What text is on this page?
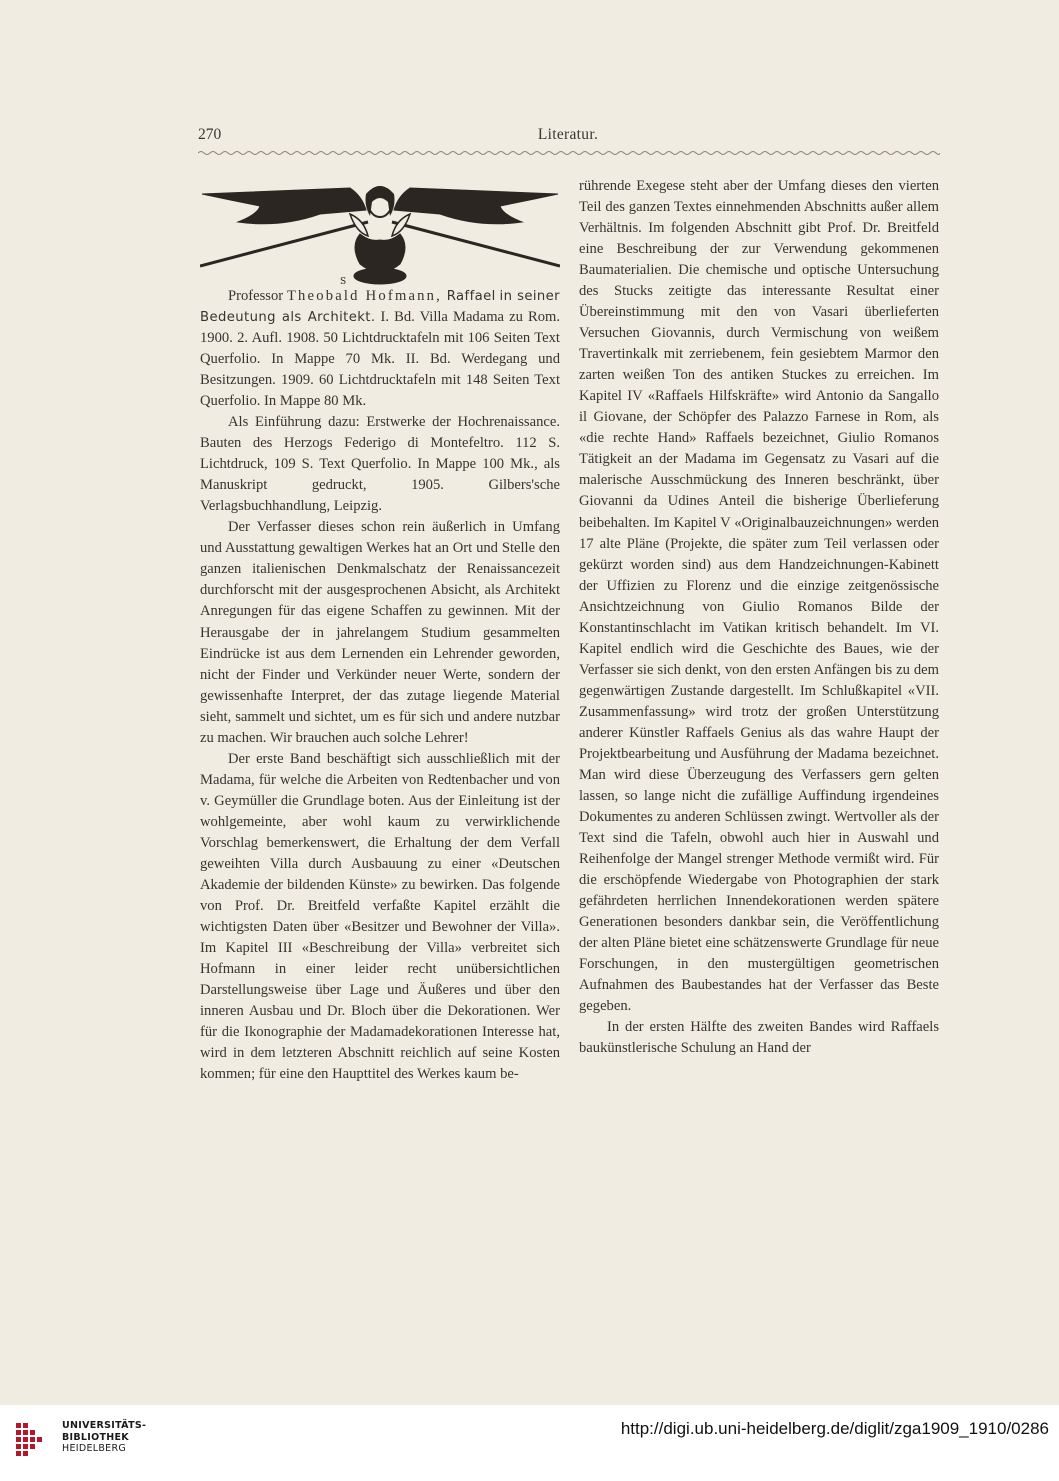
270	Literatur.
S

Professor Theobald Hofmann, Raffael in seiner Bedeutung als Architekt. I. Bd. Villa Madama zu Rom. 1900. 2. Aufl. 1908. 50 Lichtdrucktafeln mit 106 Seiten Text Querfolio. In Mappe 70 Mk. II. Bd. Werdegang und Besitzungen. 1909. 60 Lichtdrucktafeln mit 148 Seiten Text Querfolio. In Mappe 80 Mk.

Als Einführung dazu: Erstwerke der Hochrenaissance. Bauten des Herzogs Federigo di Montefeltro. 112 S. Lichtdruck, 109 S. Text Querfolio. In Mappe 100 Mk., als Manuskript gedruckt, 1905. Gilbers'sche Verlagsbuchhandlung, Leipzig.

Der Verfasser dieses schon rein äußerlich in Umfang und Ausstattung gewaltigen Werkes hat an Ort und Stelle den ganzen italienischen Denkmalschatz der Renaissancezeit durchforscht mit der ausgesprochenen Absicht, als Architekt Anregungen für das eigene Schaffen zu gewinnen. Mit der Herausgabe der in jahrelangem Studium gesammelten Eindrücke ist aus dem Lernenden ein Lehrender geworden, nicht der Finder und Verkünder neuer Werte, sondern der gewissenhafte Interpret, der das zutage liegende Material sieht, sammelt und sichtet, um es für sich und andere nutzbar zu machen. Wir brauchen auch solche Lehrer!

Der erste Band beschäftigt sich ausschließlich mit der Madama, für welche die Arbeiten von Redtenbacher und von v. Geymüller die Grundlage boten. Aus der Einleitung ist der wohlgemeinte, aber wohl kaum zu verwirklichende Vorschlag bemerkenswert, die Erhaltung der dem Verfall geweihten Villa durch Ausbauung zu einer «Deutschen Akademie der bildenden Künste» zu bewirken. Das folgende von Prof. Dr. Breitfeld verfaßte Kapitel erzählt die wichtigsten Daten über «Besitzer und Bewohner der Villa». Im Kapitel III «Beschreibung der Villa» verbreitet sich Hofmann in einer leider recht unübersichtlichen Darstellungsweise über Lage und Äußeres und über den inneren Ausbau und Dr. Bloch über die Dekorationen. Wer für die Ikonographie der Madamadekorationen Interesse hat, wird in dem letzteren Abschnitt reichlich auf seine Kosten kommen; für eine den Haupttitel des Werkes kaum be-

rührende Exegese steht aber der Umfang dieses den vierten Teil des ganzen Textes einnehmenden Abschnitts außer allem Verhältnis. Im folgenden Abschnitt gibt Prof. Dr. Breitfeld eine Beschreibung der zur Verwendung gekommenen Baumaterialien. Die chemische und optische Untersuchung des Stucks zeitigte das interessante Resultat einer Übereinstimmung mit den von Vasari überlieferten Versuchen Giovannis, durch Vermischung von weißem Travertinkalk mit zerriebenem, fein gesiebtem Marmor den zarten weißen Ton des antiken Stuckes zu erreichen. Im Kapitel IV «Raffaels Hilfskräfte» wird Antonio da Sangallo il Giovane, der Schöpfer des Palazzo Farnese in Rom, als «die rechte Hand» Raffaels bezeichnet, Giulio Romanos Tätigkeit an der Madama im Gegensatz zu Vasari auf die malerische Ausschmückung des Inneren beschränkt, über Giovanni da Udines Anteil die bisherige Überlieferung beibehalten. Im Kapitel V «Originalbauzeichnungen» werden 17 alte Pläne (Projekte, die später zum Teil verlassen oder gekürzt worden sind) aus dem Handzeichnungen-Kabinett der Uffizien zu Florenz und die einzige zeitgenössische Ansichtzeichnung von Giulio Romanos Bilde der Konstantinschlacht im Vatikan kritisch behandelt. Im VI. Kapitel endlich wird die Geschichte des Baues, wie der Verfasser sie sich denkt, von den ersten Anfängen bis zu dem gegenwärtigen Zustande dargestellt. Im Schlußkapitel «VII. Zusammenfassung» wird trotz der großen Unterstützung anderer Künstler Raffaels Genius als das wahre Haupt der Projektbearbeitung und Ausführung der Madama bezeichnet. Man wird diese Überzeugung des Verfassers gern gelten lassen, so lange nicht die zufällige Auffindung irgendeines Dokumentes zu anderen Schlüssen zwingt. Wertvoller als der Text sind die Tafeln, obwohl auch hier in Auswahl und Reihenfolge der Mangel strenger Methode vermißt wird. Für die erschöpfende Wiedergabe von Photographien der stark gefährdeten herrlichen Innendekorationen werden spätere Generationen besonders dankbar sein, die Veröffentlichung der alten Pläne bietet eine schätzenswerte Grundlage für neue Forschungen, in den mustergültigen geometrischen Aufnahmen des Baubestandes hat der Verfasser das Beste gegeben.

In der ersten Hälfte des zweiten Bandes wird Raffaels baukünstlerische Schulung an Hand der

UNIVERSITÄTS-
BIBLIOTHEK
HEIDELBERG
http://digi.ub.uni-heidelberg.de/diglit/zga1909_1910/0286
